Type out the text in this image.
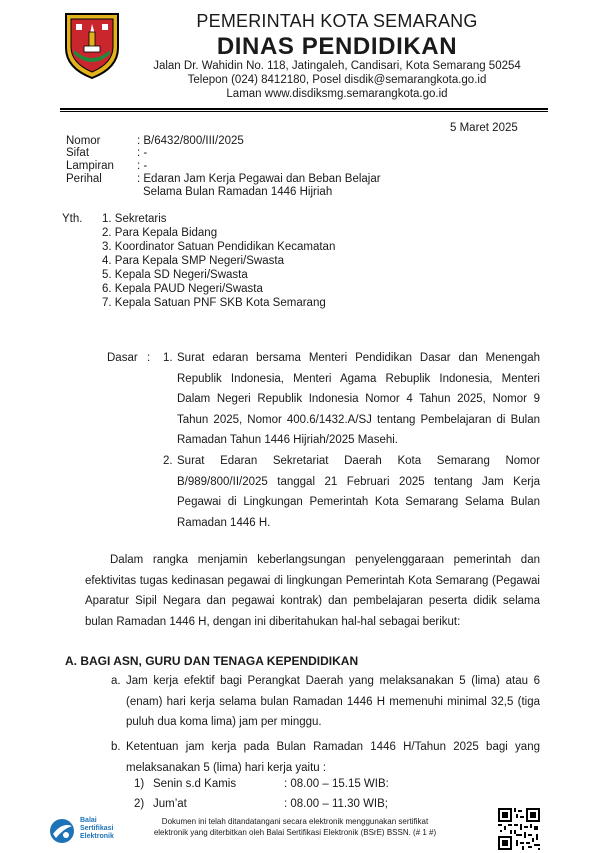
PEMERINTAH KOTA SEMARANG
DINAS PENDIDIKAN
Jalan Dr. Wahidin No. 118, Jatingaleh, Candisari, Kota Semarang 50254
Telepon (024) 8412180, Posel disdik@semarangkota.go.id
Laman www.disdiksmg.semarangkota.go.id
5 Maret 2025
Nomor	: B/6432/800/III/2025
Sifat	: -
Lampiran : -
Perihal	: Edaran Jam Kerja Pegawai dan Beban Belajar
Selama Bulan Ramadan 1446 Hijriah
Yth. 1. Sekretaris
2. Para Kepala Bidang
3. Koordinator Satuan Pendidikan Kecamatan
4. Para Kepala SMP Negeri/Swasta
5. Kepala SD Negeri/Swasta
6. Kepala PAUD Negeri/Swasta
7. Kepala Satuan PNF SKB Kota Semarang
Dasar : 1. Surat edaran bersama Menteri Pendidikan Dasar dan Menengah
Republik Indonesia, Menteri Agama Rebuplik Indonesia, Menteri
Dalam Negeri Republik Indonesia Nomor 4 Tahun 2025, Nomor 9
Tahun 2025, Nomor 400.6/1432.A/SJ tentang Pembelajaran di Bulan
Ramadan Tahun 1446 Hijriah/2025 Masehi.
2. Surat Edaran Sekretariat Daerah Kota Semarang Nomor
B/989/800/II/2025 tanggal 21 Februari 2025 tentang Jam Kerja
Pegawai di Lingkungan Pemerintah Kota Semarang Selama Bulan
Ramadan 1446 H.
Dalam rangka menjamin keberlangsungan penyelenggaraan pemerintah dan
efektivitas tugas kedinasan pegawai di lingkungan Pemerintah Kota Semarang (Pegawai
Aparatur Sipil Negara dan pegawai kontrak) dan pembelajaran peserta didik selama
bulan Ramadan 1446 H, dengan ini diberitahukan hal-hal sebagai berikut:
A. BAGI ASN, GURU DAN TENAGA KEPENDIDIKAN
a. Jam kerja efektif bagi Perangkat Daerah yang melaksanakan 5 (lima) atau 6
(enam) hari kerja selama bulan Ramadan 1446 H memenuhi minimal 32,5 (tiga
puluh dua koma lima) jam per minggu.
b. Ketentuan jam kerja pada Bulan Ramadan 1446 H/Tahun 2025 bagi yang
melaksanakan 5 (lima) hari kerja yaitu :
1) Senin s.d Kamis	: 08.00 – 15.15 WIB:
2) Jum’at	: 08.00 – 11.30 WIB;
Balai
Sertifikasi
Elektronik
Dokumen ini telah ditandatangani secara elektronik menggunakan sertifikat
elektronik yang diterbitkan oleh Balai Sertifikasi Elektronik (BSrE) BSSN. (# 1 #)
